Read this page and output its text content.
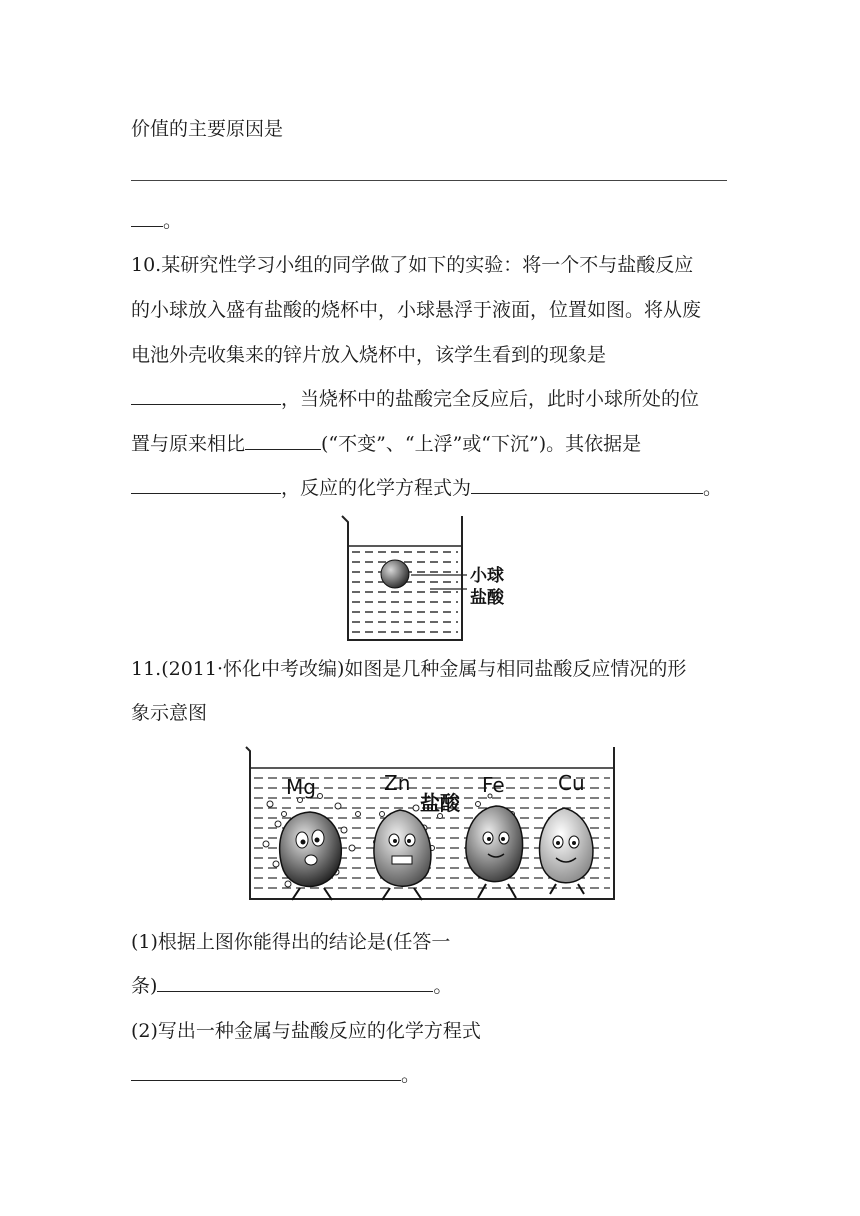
价值的主要原因是
。
10.某研究性学习小组的同学做了如下的实验：将一个不与盐酸反应
的小球放入盛有盐酸的烧杯中，小球悬浮于液面，位置如图。将从废
电池外壳收集来的锌片放入烧杯中，该学生看到的现象是
，当烧杯中的盐酸完全反应后，此时小球所处的位
置与原来相比	(“不变”、“上浮”或“下沉”)。其依据是
，反应的化学方程式为	。
小球
盐酸
11.(2011·怀化中考改编)如图是几种金属与相同盐酸反应情况的形
象示意图
Mg	Zn	Fe	Cu
盐酸
(1)根据上图你能得出的结论是(任答一
条)	。
(2)写出一种金属与盐酸反应的化学方程式
。
